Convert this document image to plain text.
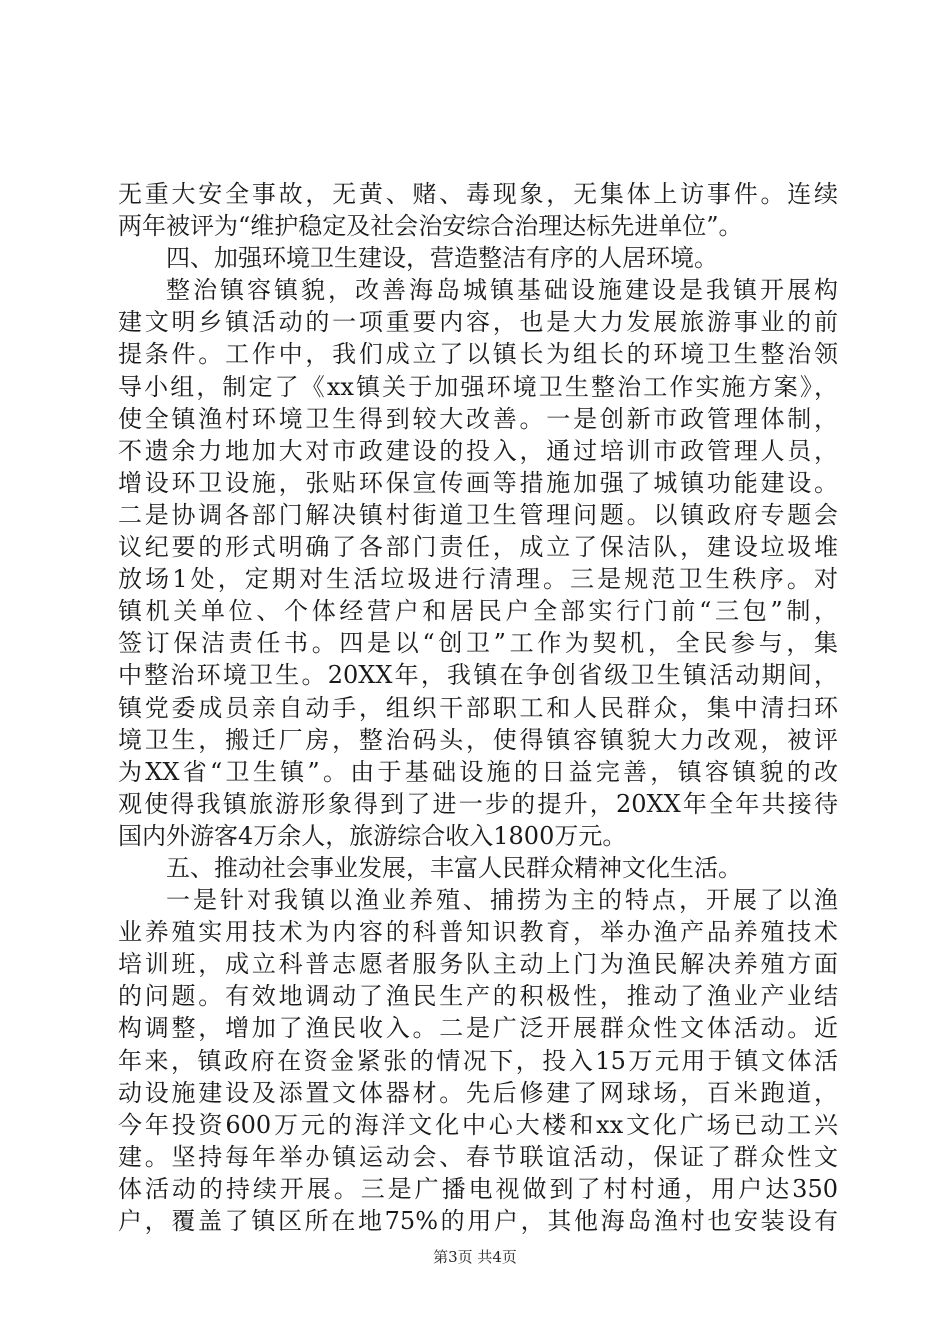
无重大安全事故，无黄、赌、毒现象，无集体上访事件。连续
两年被评为“维护稳定及社会治安综合治理达标先进单位”。
四、加强环境卫生建设，营造整洁有序的人居环境。
整治镇容镇貌，改善海岛城镇基础设施建设是我镇开展构
建文明乡镇活动的一项重要内容，也是大力发展旅游事业的前
提条件。工作中，我们成立了以镇长为组长的环境卫生整治领
导小组，制定了《xx镇关于加强环境卫生整治工作实施方案》，
使全镇渔村环境卫生得到较大改善。一是创新市政管理体制，
不遗余力地加大对市政建设的投入，通过培训市政管理人员，
增设环卫设施，张贴环保宣传画等措施加强了城镇功能建设。
二是协调各部门解决镇村街道卫生管理问题。以镇政府专题会
议纪要的形式明确了各部门责任，成立了保洁队，建设垃圾堆
放场1处，定期对生活垃圾进行清理。三是规范卫生秩序。对
镇机关单位、个体经营户和居民户全部实行门前“三包”制，
签订保洁责任书。四是以“创卫”工作为契机，全民参与，集
中整治环境卫生。20XX年，我镇在争创省级卫生镇活动期间，
镇党委成员亲自动手，组织干部职工和人民群众，集中清扫环
境卫生，搬迁厂房，整治码头，使得镇容镇貌大力改观，被评
为XX省“卫生镇”。由于基础设施的日益完善，镇容镇貌的改
观使得我镇旅游形象得到了进一步的提升，20XX年全年共接待
国内外游客4万余人，旅游综合收入1800万元。
五、推动社会事业发展，丰富人民群众精神文化生活。
一是针对我镇以渔业养殖、捕捞为主的特点，开展了以渔
业养殖实用技术为内容的科普知识教育，举办渔产品养殖技术
培训班，成立科普志愿者服务队主动上门为渔民解决养殖方面
的问题。有效地调动了渔民生产的积极性，推动了渔业产业结
构调整，增加了渔民收入。二是广泛开展群众性文体活动。近
年来，镇政府在资金紧张的情况下，投入15万元用于镇文体活
动设施建设及添置文体器材。先后修建了网球场，百米跑道，
今年投资600万元的海洋文化中心大楼和xx文化广场已动工兴
建。坚持每年举办镇运动会、春节联谊活动，保证了群众性文
体活动的持续开展。三是广播电视做到了村村通，用户达350
户，覆盖了镇区所在地75%的用户，其他海岛渔村也安装设有
第3页 共4页
